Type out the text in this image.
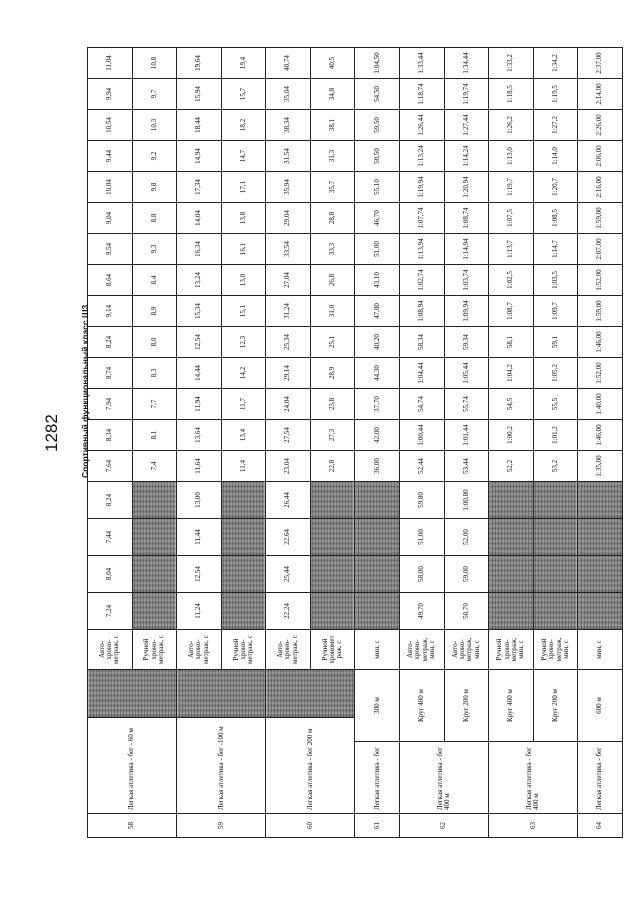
1282 Спортивный функциональный класс Ш3
58	Легкая атлетика - бег - 60 м			Авто-хроно-метраж, с	7,24	8,04	7,44	8,24	7,64	8,34	7,94	8,74	8,24	9,14	8,64	9,54	9,04	10,04	9,44	10,54	9,94	11,04
				Ручной хроно-метраж, с					7,4	8,1	7,7	8,3	8,0	8,9	8,4	9,3	8,8	9,8	9,2	10,3	9,7	10,8
59	Легкая атлетика - бег -100 м			Авто-хроно-метраж, с	11,24	12,54	11,44	13,00	11,64	13,64	11,94	14,44	12,54	15,34	13,24	16,34	14,04	17,34	14,94	18,44	15,94	19,64
				Ручной хроно-метраж, с					11,4	13,4	11,7	14,2	12,3	15,1	13,0	16,1	13,8	17,1	14,7	18,2	15,7	19,4
60	Легкая атлетика - бег 200 м			Авто-хроно-метраж, с	22,24	25,44	22,64	26,44	23,04	27,54	24,04	29,14	25,34	31,24	27,04	33,54	29,04	35,94	31,54	38,34	35,04	40,74
				Ручной хрономет раж, с					22,8	27,3	23,8	28,9	25,1	31,0	26,8	33,3	28,8	35,7	31,3	38,1	34,8	40,5
61	Легкая атлетика - бег	300 м		мин, с					36,00	42,00	37,70	44,30	40,20	47,00	43,10	51,00	46,70	55,10	50,50	59,50	54,50	1:04,50
62	Легкая атлетика - бег 400 м	Круг 400 м		Авто-хроно-метраж, мин, с	49,70	58,00	51,00	59,80	52,44	1:00,44	54,74	1:04,44	58,34	1:08,94	1:02,74	1:13,94	1:07,74	1:19,94	1:13,24	1:26,44	1:18,74	1:33,44
		Круг 200 м		Авто-хроно-метраж, мин, с	50,70	59,00	52,00	1:00,80	53,44	1:01,44	55,74	1:05,44	59,34	1:09,94	1:03,74	1:14,94	1:08,74	1:20,94	1:14,24	1:27,44	1:19,74	1:34,44
63	Легкая атлетика - бег 400 м	Круг 400 м		Ручной хроно-метраж, мин, с					52,2	1:00,2	54,5	1:04,2	58,1	1:08,7	1:02,5	1:13,7	1:07,5	1:19,7	1:13,0	1:26,2	1:18,5	1:33,2
		Круг 200 м		Ручной хроно-метраж, мин, с					53,2	1:01,2	55,5	1:05,2	59,1	1:09,7	1:03,5	1:14,7	1:08,5	1:20,7	1:14,0	1:27,2	1:19,5	1:34,2
64	Легкая атлетика - бег	600 м		мин, с					1:35,00	1:46,00	1:40,00	1:52,00	1:46,00	1:59,00	1:52,00	2:07,00	1:59,00	2:16,00	2:06,00	2:26,00	2:14,00	2:37,00
